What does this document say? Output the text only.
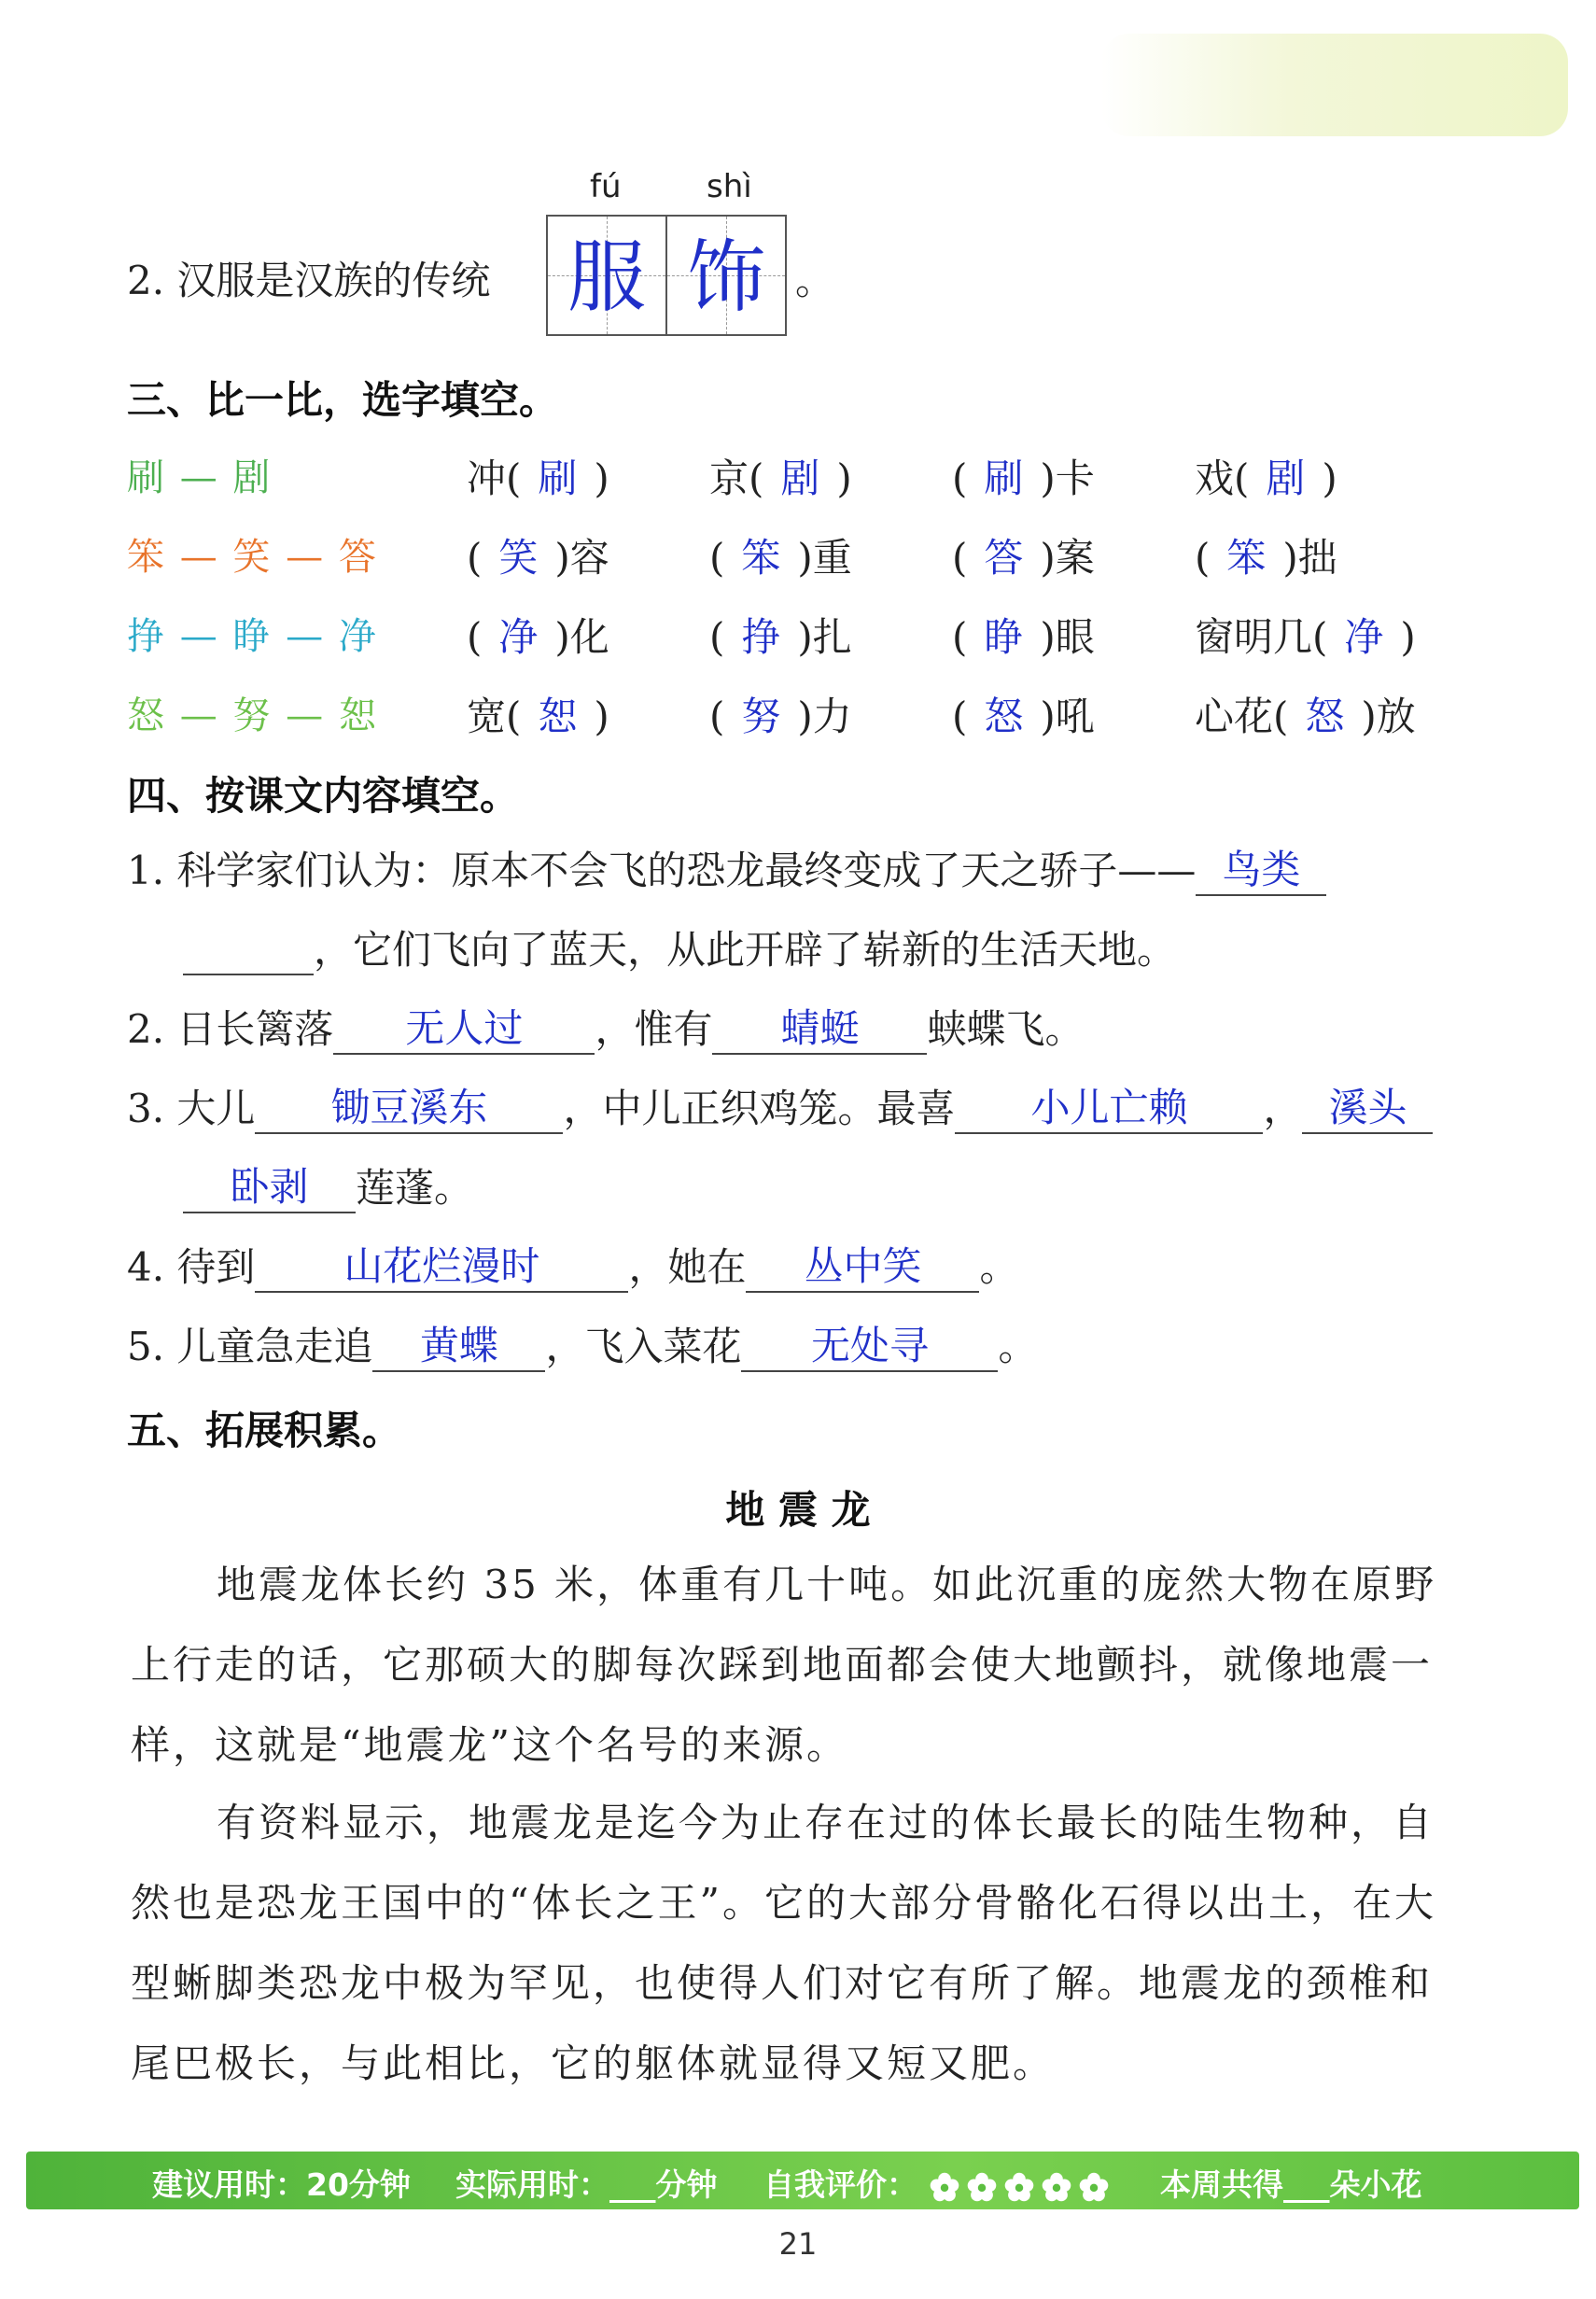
2. 汉服是汉族的传统
fú	shì
服 饰 。
三、比一比，选字填空。
刷 — 剧	冲( 刷 )	京( 剧 )	( 刷 )卡	戏( 剧 )
笨 — 笑 — 答 ( 笑 )容	( 笨 )重	( 答 )案	( 笨 )拙
挣 — 睁 — 净 ( 净 )化	( 挣 )扎	( 睁 )眼	窗明几( 净 )
怒 — 努 — 恕 宽( 恕 )	( 努 )力	( 怒 )吼	心花( 怒 )放
四、按课文内容填空。
1. 科学家们认为：原本不会飞的恐龙最终变成了天之骄子—— 鸟类
，它们飞向了蓝天，从此开辟了崭新的生活天地。
2. 日长篱落 无人过 ，惟有 蜻蜓 蛱蝶飞。
3. 大儿 锄豆溪东 ，中儿正织鸡笼。最喜 小儿亡赖 ， 溪头
卧剥 莲蓬。
4. 待到 山花烂漫时 ，她在 丛中笑 。
5. 儿童急走追 黄蝶 ，飞入菜花 无处寻 。
五、拓展积累。
地 震 龙
地震龙体长约 35 米，体重有几十吨。如此沉重的庞然大物在原野上行走的话，它那硕大的脚每次踩到地面都会使大地颤抖，就像地震一样，这就是“地震龙”这个名号的来源。
有资料显示，地震龙是迄今为止存在过的体长最长的陆生物种，自然也是恐龙王国中的“体长之王”。它的大部分骨骼化石得以出土，在大型蜥脚类恐龙中极为罕见，也使得人们对它有所了解。地震龙的颈椎和尾巴极长，与此相比，它的躯体就显得又短又肥。
建议用时：20分钟 实际用时：___分钟 自我评价：	本周共得___朵小花
21
